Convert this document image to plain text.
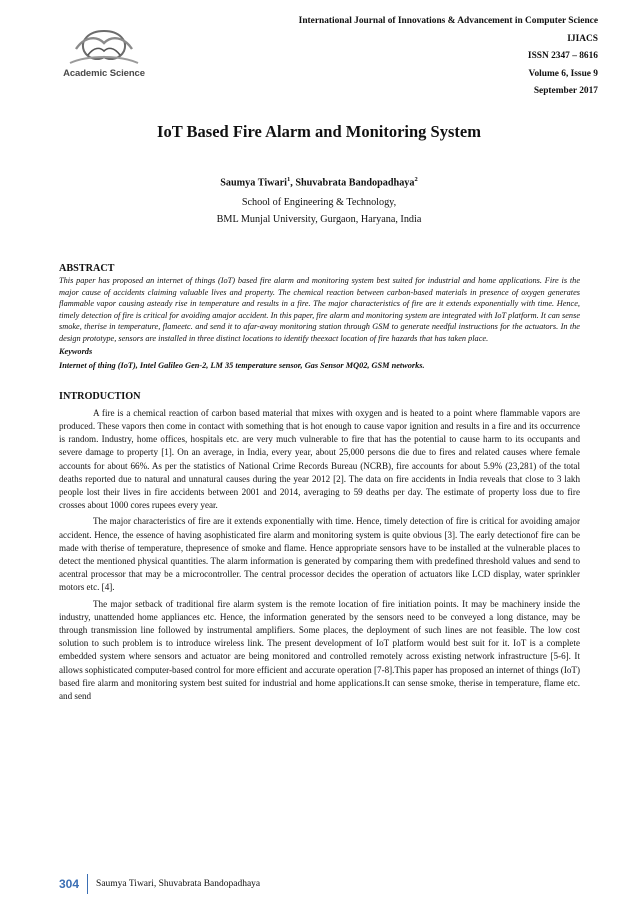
Academic Science
International Journal of Innovations & Advancement in Computer Science
IJIACS
ISSN 2347 – 8616
Volume 6, Issue 9
September 2017
IoT Based Fire Alarm and Monitoring System
Saumya Tiwari$^1$, Shuvabrata Bandopadhaya$^2$
School of Engineering & Technology,
BML Munjal University, Gurgaon, Haryana, India

ABSTRACT

This paper has proposed an internet of things (IoT) based fire alarm and monitoring system best suited for industrial and home applications. Fire is the major cause of accidents claiming valuable lives and property. The chemical reaction between carbon-based materials in presence of oxygen generates flammable vapor causing asteady rise in temperature and results in a fire. The major characteristics of fire are it extends exponentially with time. Hence, timely detection of fire is critical for avoiding amajor accident. In this paper, fire alarm and monitoring system are integrated with IoT platform. It can sense smoke, therise in temperature, flameetc. and send it to afar-away monitoring station through GSM to generate needful instructions for the actuators. In the design prototype, sensors are installed in three distinct locations to identify theexact location of fire hazards that has taken place.

Keywords
Internet of thing (IoT), Intel Galileo Gen-2, LM 35 temperature sensor, Gas Sensor MQ02, GSM networks.

INTRODUCTION

A fire is a chemical reaction of carbon based material that mixes with oxygen and is heated to a point where flammable vapors are produced. These vapors then come in contact with something that is hot enough to cause vapor ignition and results in a fire and its occurrence is random. Industry, home offices, hospitals etc. are very much vulnerable to fire that has the potential to cause harm to its occupants and severe damage to property [1]. On an average, in India, every year, about 25,000 persons die due to fires and related causes where female accounts for about 66%. As per the statistics of National Crime Records Bureau (NCRB), fire accounts for about 5.9% (23,281) of the total deaths reported due to natural and unnatural causes during the year 2012 [2]. The data on fire accidents in India reveals that close to 3 lakh people lost their lives in fire accidents between 2001 and 2014, averaging to 59 deaths per day. The estimate of property loss due to fire crosses about 1000 cores rupees every year.

The major characteristics of fire are it extends exponentially with time. Hence, timely detection of fire is critical for avoiding amajor accident. Hence, the essence of having asophisticated fire alarm and monitoring system is quite obvious [3]. The early detectionof fire can be made with therise of temperature, thepresence of smoke and flame. Hence appropriate sensors have to be installed at the vulnerable places to detect the mentioned physical quantities. The alarm information is generated by comparing them with predefined threshold values and send to acentral processor that may be a microcontroller. The central processor decides the operation of actuators like LCD display, water sprinkler motors etc. [4].

The major setback of traditional fire alarm system is the remote location of fire initiation points. It may be machinery inside the industry, unattended home appliances etc. Hence, the information generated by the sensors need to be conveyed a long distance, may be through transmission line followed by instrumental amplifiers. Some places, the deployment of such lines are not feasible. The low cost solution to such problem is to introduce wireless link. The present development of IoT platform would best suit for it. IoT is a complete embedded system where sensors and actuator are being monitored and controlled remotely across existing network infrastructure [5-6]. It allows sophisticated computer-based control for more efficient and accurate operation [7-8].This paper has proposed an internet of things (IoT) based fire alarm and monitoring system best suited for industrial and home applications.It can sense smoke, therise in temperature, flame etc. and send

304	Saumya Tiwari, Shuvabrata Bandopadhaya
